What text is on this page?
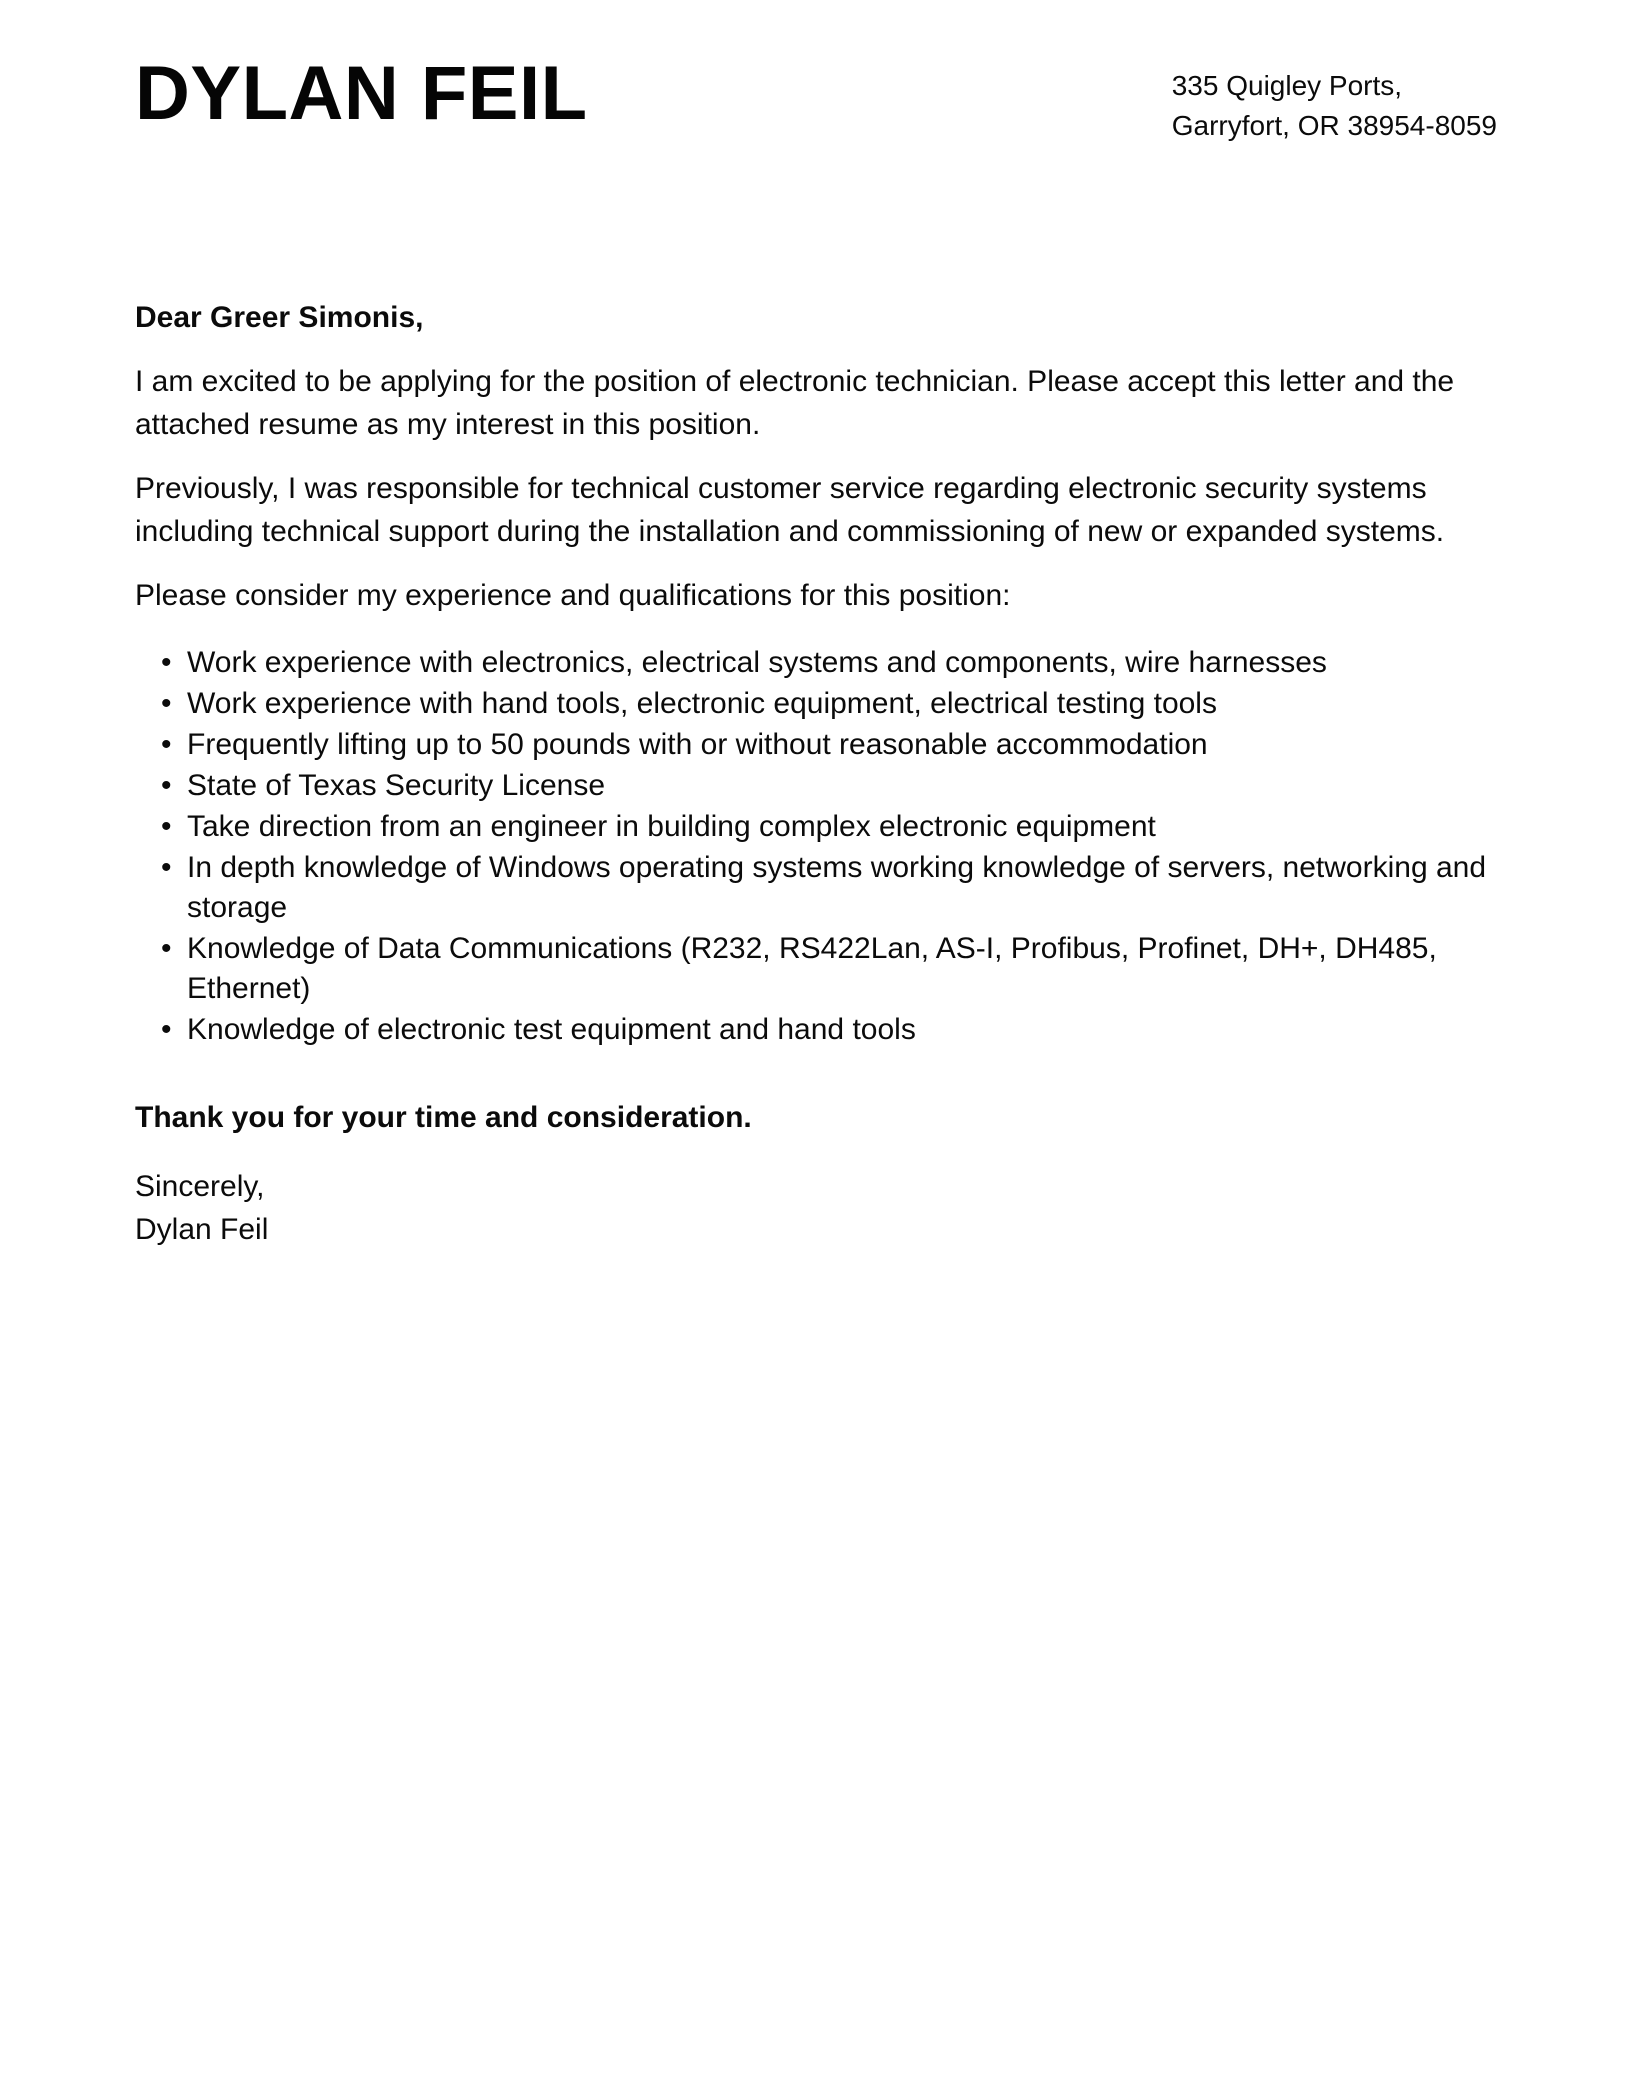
DYLAN FEIL	335 Quigley Ports,
Garryfort, OR 38954-8059

Dear Greer Simonis,

I am excited to be applying for the position of electronic technician. Please accept this letter and the attached resume as my interest in this position.

Previously, I was responsible for technical customer service regarding electronic security systems including technical support during the installation and commissioning of new or expanded systems.

Please consider my experience and qualifications for this position:

• Work experience with electronics, electrical systems and components, wire harnesses
• Work experience with hand tools, electronic equipment, electrical testing tools
• Frequently lifting up to 50 pounds with or without reasonable accommodation
• State of Texas Security License
• Take direction from an engineer in building complex electronic equipment
• In depth knowledge of Windows operating systems working knowledge of servers, networking and storage
• Knowledge of Data Communications (R232, RS422Lan, AS-I, Profibus, Profinet, DH+, DH485, Ethernet)
• Knowledge of electronic test equipment and hand tools

Thank you for your time and consideration.

Sincerely,
Dylan Feil
